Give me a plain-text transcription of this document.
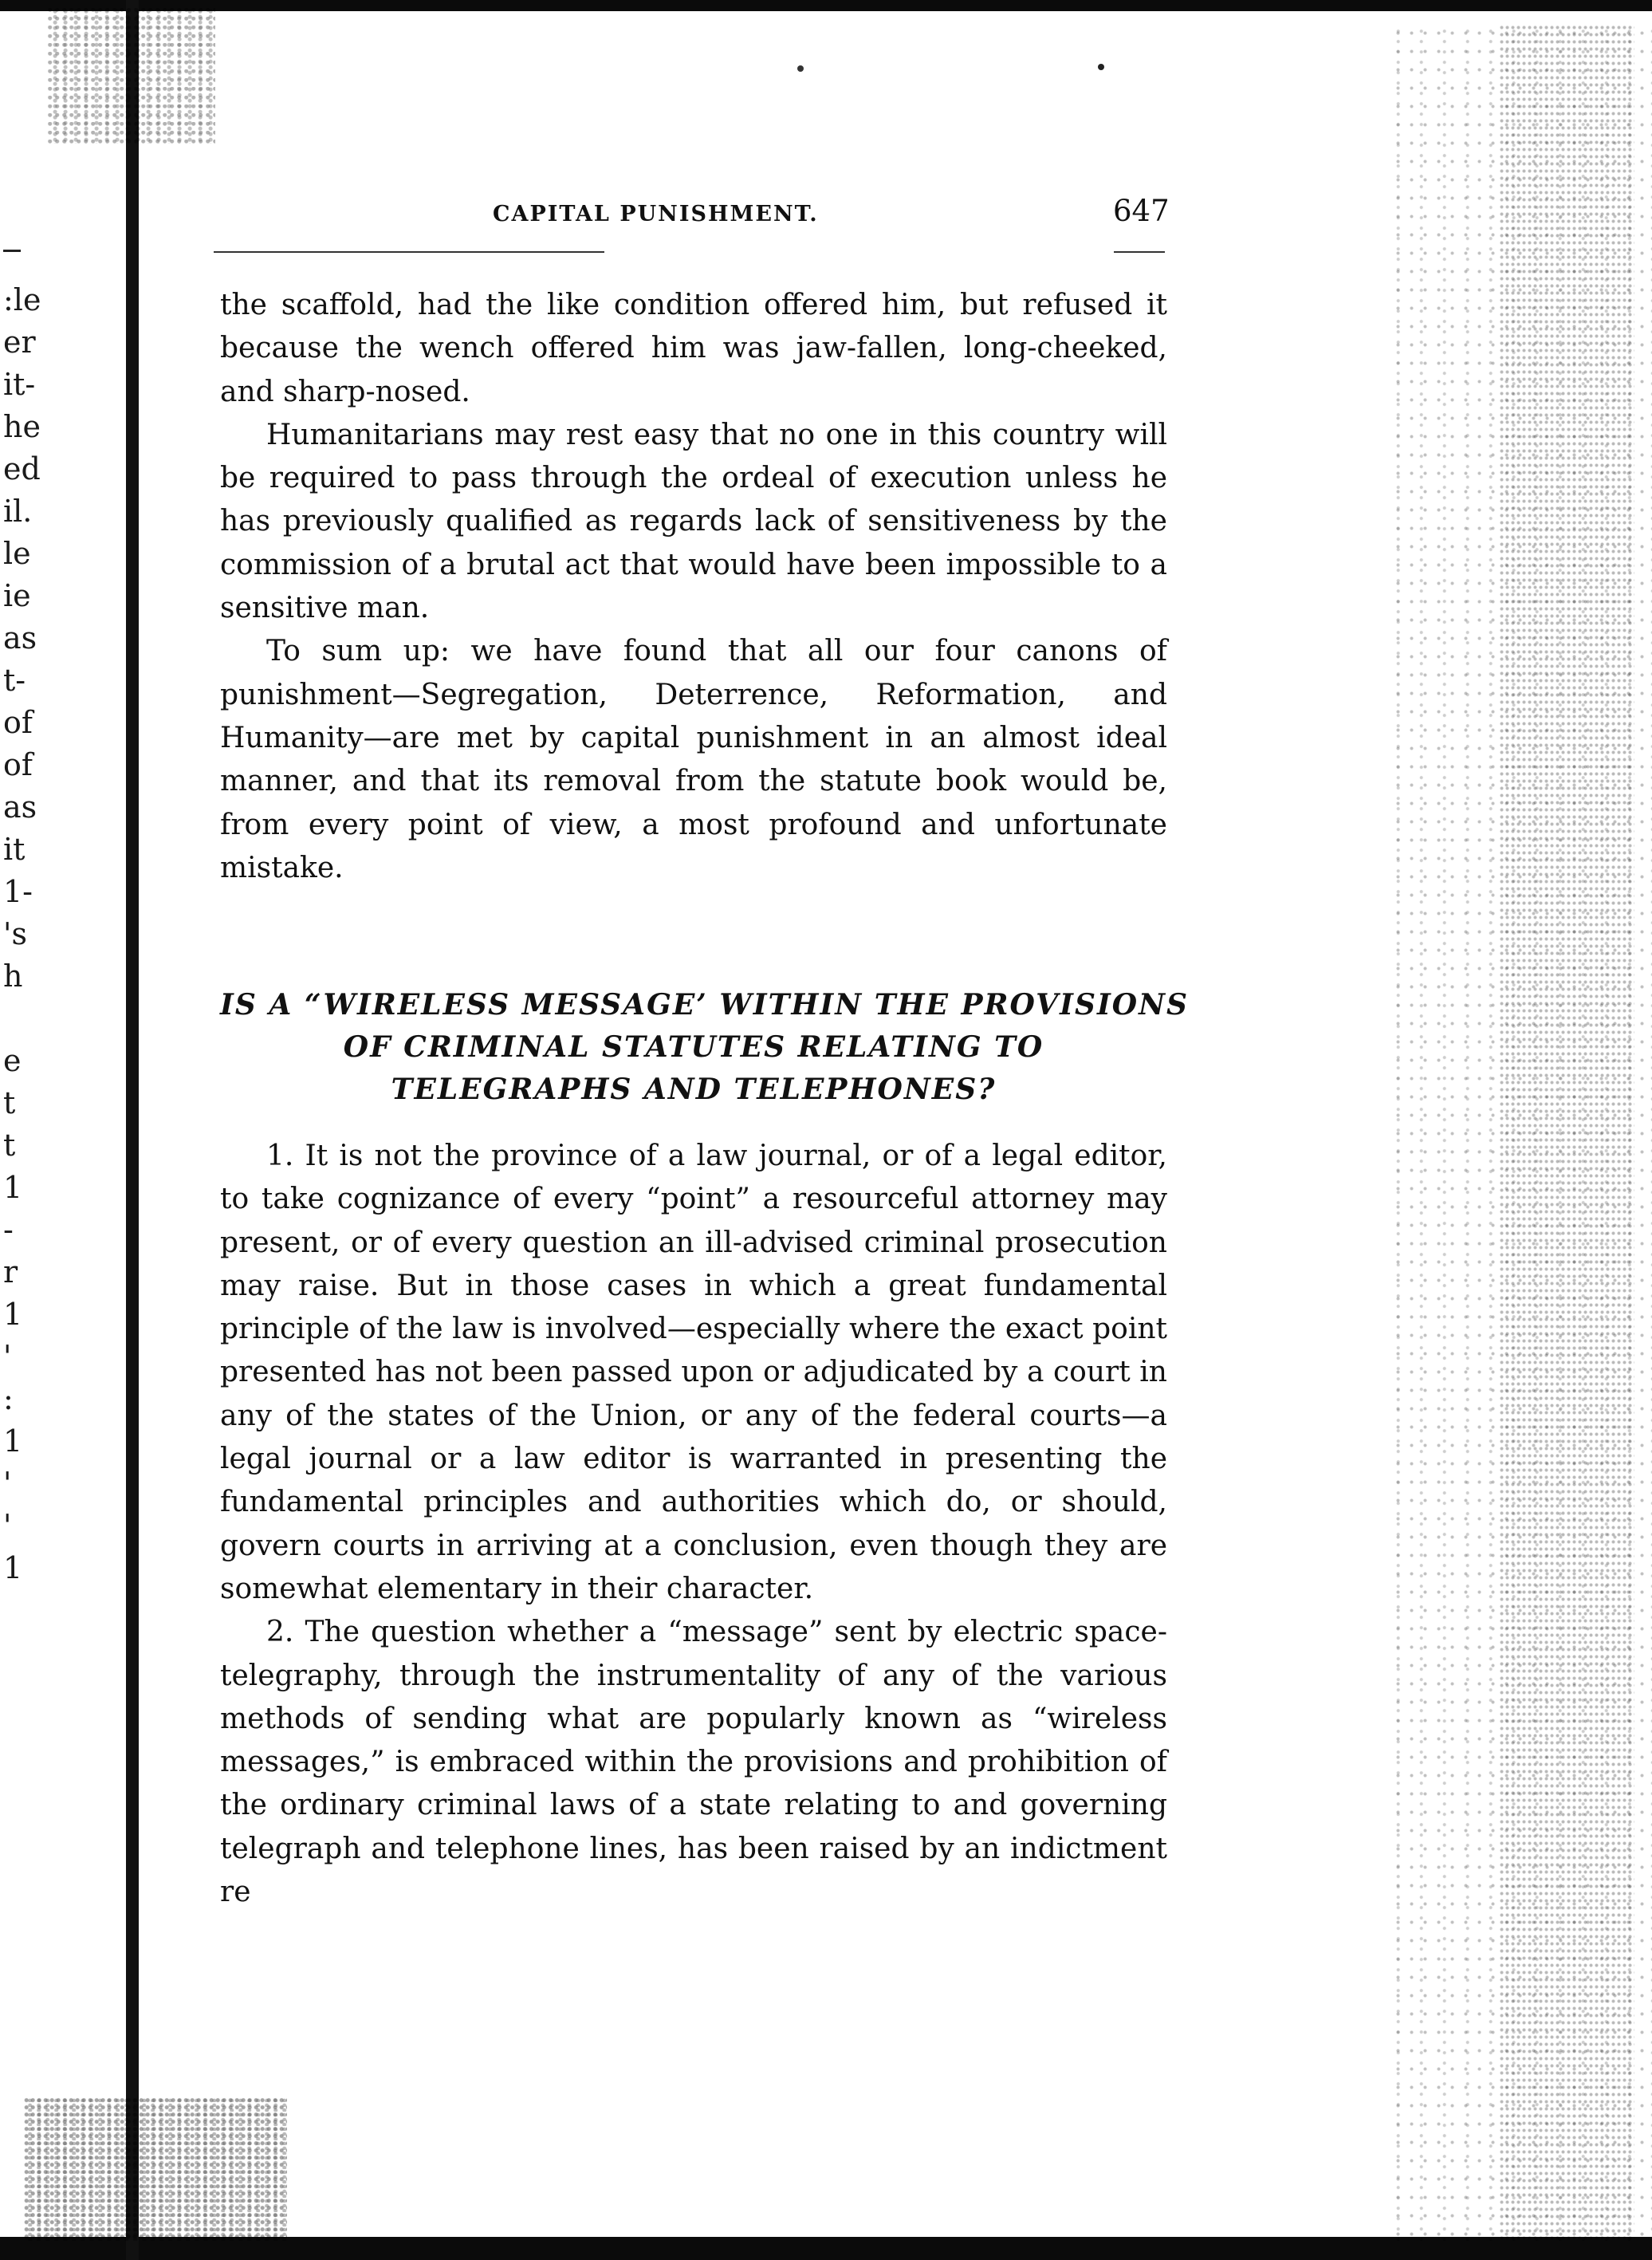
:le
er
it-
he
ed
il.
le
ie
as
t-
of
of
as
it
1-
's
h
e
t
t
1
-
r
1
'
:
1
'
'
1
CAPITAL PUNISHMENT.	647

the scaffold, had the like condition offered him, but refused it because the wench offered him was jaw-fallen, long-cheeked, and sharp-nosed.

Humanitarians may rest easy that no one in this country will be required to pass through the ordeal of execution unless he has previously qualified as regards lack of sensitiveness by the commission of a brutal act that would have been impossible to a sensitive man.

To sum up: we have found that all our four canons of punishment—Segregation, Deterrence, Reformation, and Humanity—are met by capital punishment in an almost ideal manner, and that its removal from the statute book would be, from every point of view, a most profound and unfortunate mistake.

IS A “WIRELESS MESSAGE’ WITHIN THE PROVISIONS
OF CRIMINAL STATUTES RELATING TO
TELEGRAPHS AND TELEPHONES?

1. It is not the province of a law journal, or of a legal editor, to take cognizance of every “point” a resourceful attorney may present, or of every question an ill-advised criminal prosecution may raise. But in those cases in which a great fundamental principle of the law is involved—especially where the exact point presented has not been passed upon or adjudicated by a court in any of the states of the Union, or any of the federal courts—a legal journal or a law editor is warranted in presenting the fundamental principles and authorities which do, or should, govern courts in arriving at a conclusion, even though they are somewhat elementary in their character.

2. The question whether a “message” sent by electric space-telegraphy, through the instrumentality of any of the various methods of sending what are popularly known as “wireless messages,” is embraced within the provisions and prohibition of the ordinary criminal laws of a state relating to and governing telegraph and telephone lines, has been raised by an indictment re
